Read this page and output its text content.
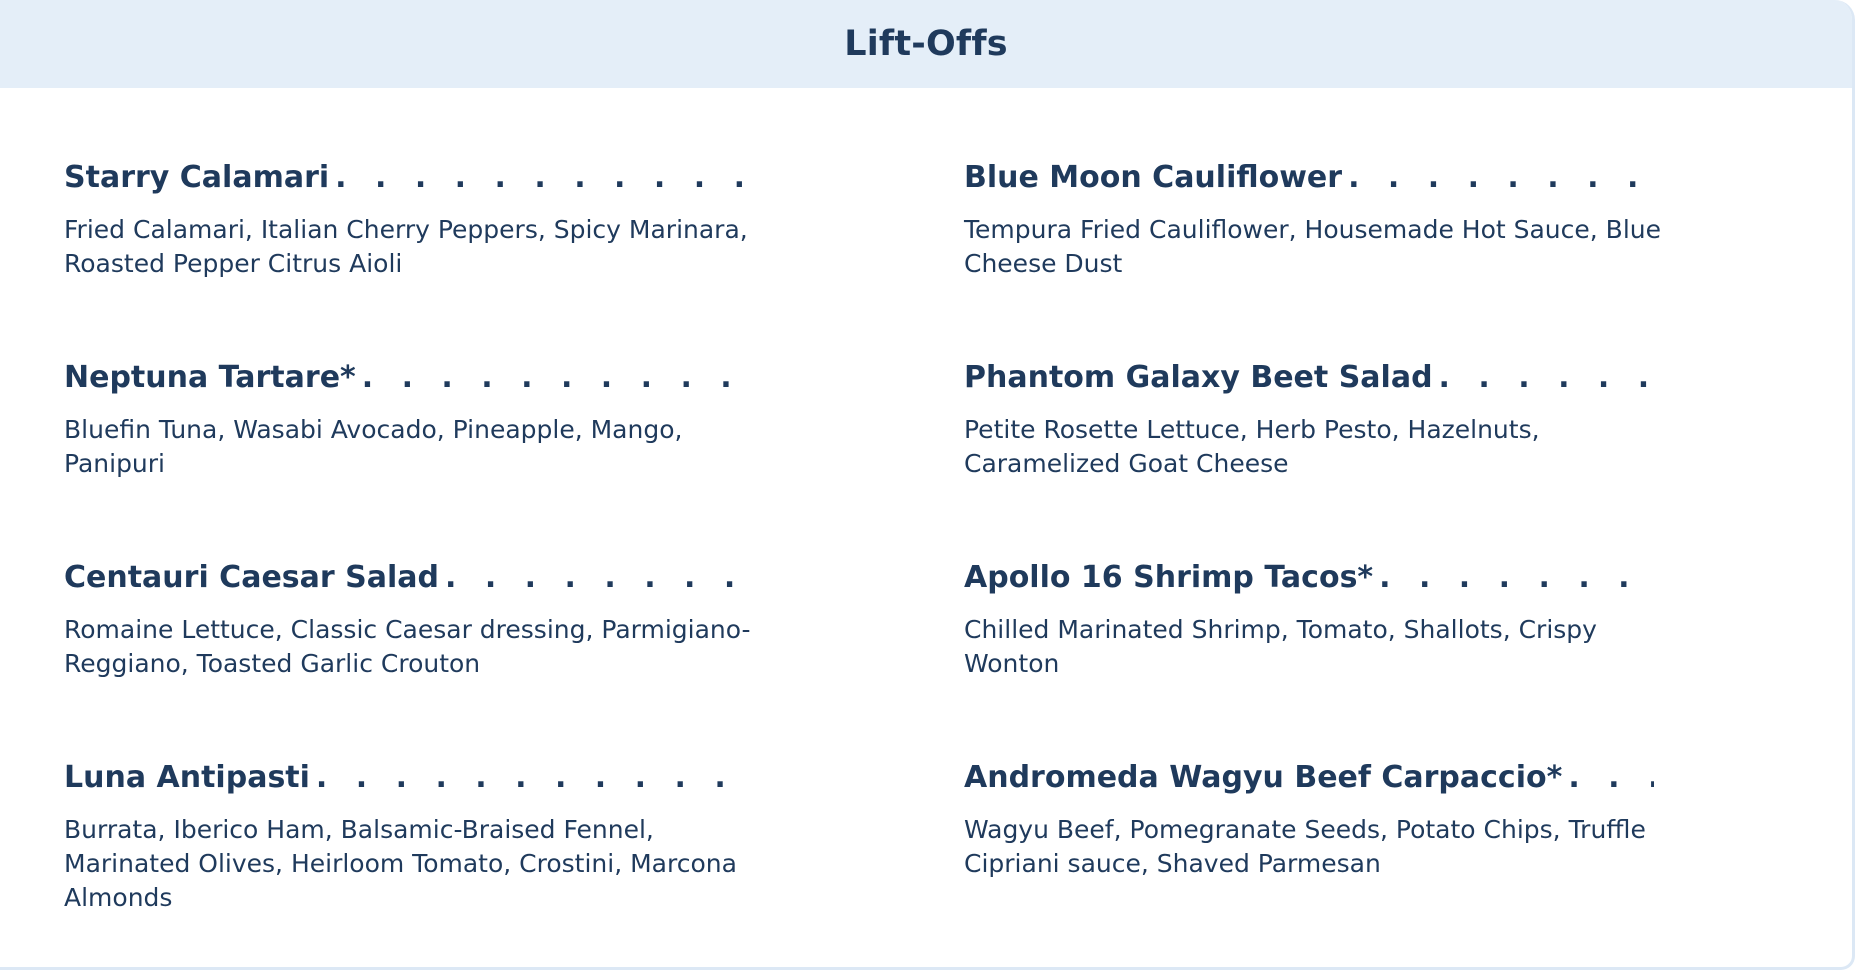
Lift-Offs
Starry Calamari
. . .
Fried Calamari, Italian Cherry Peppers, Spicy Marinara, Roasted Pepper Citrus Aioli
Blue Moon Cauliflower
. . .
Tempura Fried Cauliflower, Housemade Hot Sauce, Blue Cheese Dust
Neptuna Tartare*
. . .
Bluefin Tuna, Wasabi Avocado, Pineapple, Mango, Panipuri
Phantom Galaxy Beet Salad
. . .
Petite Rosette Lettuce, Herb Pesto, Hazelnuts, Caramelized Goat Cheese
Centauri Caesar Salad
. . .
Romaine Lettuce, Classic Caesar dressing, Parmigiano-Reggiano, Toasted Garlic Crouton
Apollo 16 Shrimp Tacos*
. . .
Chilled Marinated Shrimp, Tomato, Shallots, Crispy Wonton
Luna Antipasti
. . .
Burrata, Iberico Ham, Balsamic-Braised Fennel, Marinated Olives, Heirloom Tomato, Crostini, Marcona Almonds
Andromeda Wagyu Beef Carpaccio*
. . .
Wagyu Beef, Pomegranate Seeds, Potato Chips, Truffle Cipriani sauce, Shaved Parmesan
